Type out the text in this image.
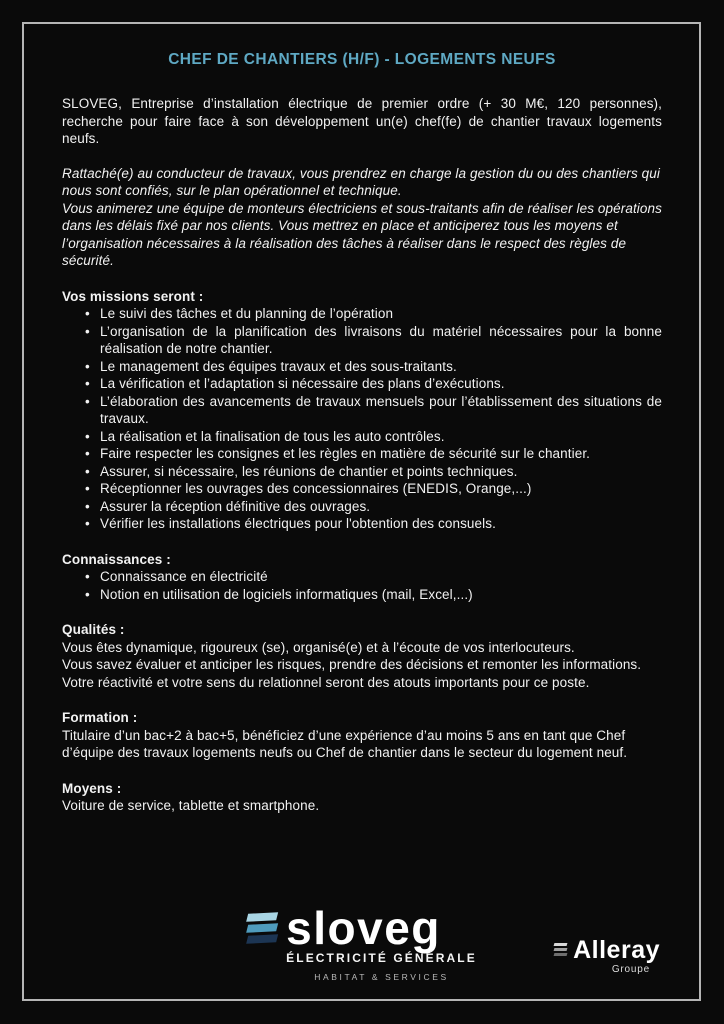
CHEF DE CHANTIERS (H/F) - LOGEMENTS NEUFS

SLOVEG, Entreprise d’installation électrique de premier ordre (+ 30 M€, 120 personnes), recherche pour faire face à son développement un(e) chef(fe) de chantier travaux logements neufs.

Rattaché(e) au conducteur de travaux, vous prendrez en charge la gestion du ou des chantiers qui nous sont confiés, sur le plan opérationnel et technique.
Vous animerez une équipe de monteurs électriciens et sous-traitants afin de réaliser les opérations dans les délais fixé par nos clients. Vous mettrez en place et anticiperez tous les moyens et l’organisation nécessaires à la réalisation des tâches à réaliser dans le respect des règles de sécurité.

Vos missions seront :

• Le suivi des tâches et du planning de l’opération
• L’organisation de la planification des livraisons du matériel nécessaires pour la bonne réalisation de notre chantier.
• Le management des équipes travaux et des sous-traitants.
• La vérification et l’adaptation si nécessaire des plans d’exécutions.
• L’élaboration des avancements de travaux mensuels pour l’établissement des situations de travaux.
• La réalisation et la finalisation de tous les auto contrôles.
• Faire respecter les consignes et les règles en matière de sécurité sur le chantier.
• Assurer, si nécessaire, les réunions de chantier et points techniques.
• Réceptionner les ouvrages des concessionnaires (ENEDIS, Orange,...)
• Assurer la réception définitive des ouvrages.
• Vérifier les installations électriques pour l'obtention des consuels.

Connaissances :

• Connaissance en électricité
• Notion en utilisation de logiciels informatiques (mail, Excel,...)

Qualités :

Vous êtes dynamique, rigoureux (se), organisé(e) et à l’écoute de vos interlocuteurs.
Vous savez évaluer et anticiper les risques, prendre des décisions et remonter les informations.
Votre réactivité et votre sens du relationnel seront des atouts importants pour ce poste.

Formation :

Titulaire d’un bac+2 à bac+5, bénéficiez d’une expérience d’au moins 5 ans en tant que Chef d’équipe des travaux logements neufs ou Chef de chantier dans le secteur du logement neuf.

Moyens :

Voiture de service, tablette et smartphone.

sloveg
ÉLECTRICITÉ GÉNÉRALE
HABITAT & SERVICES
Alleray
Groupe
